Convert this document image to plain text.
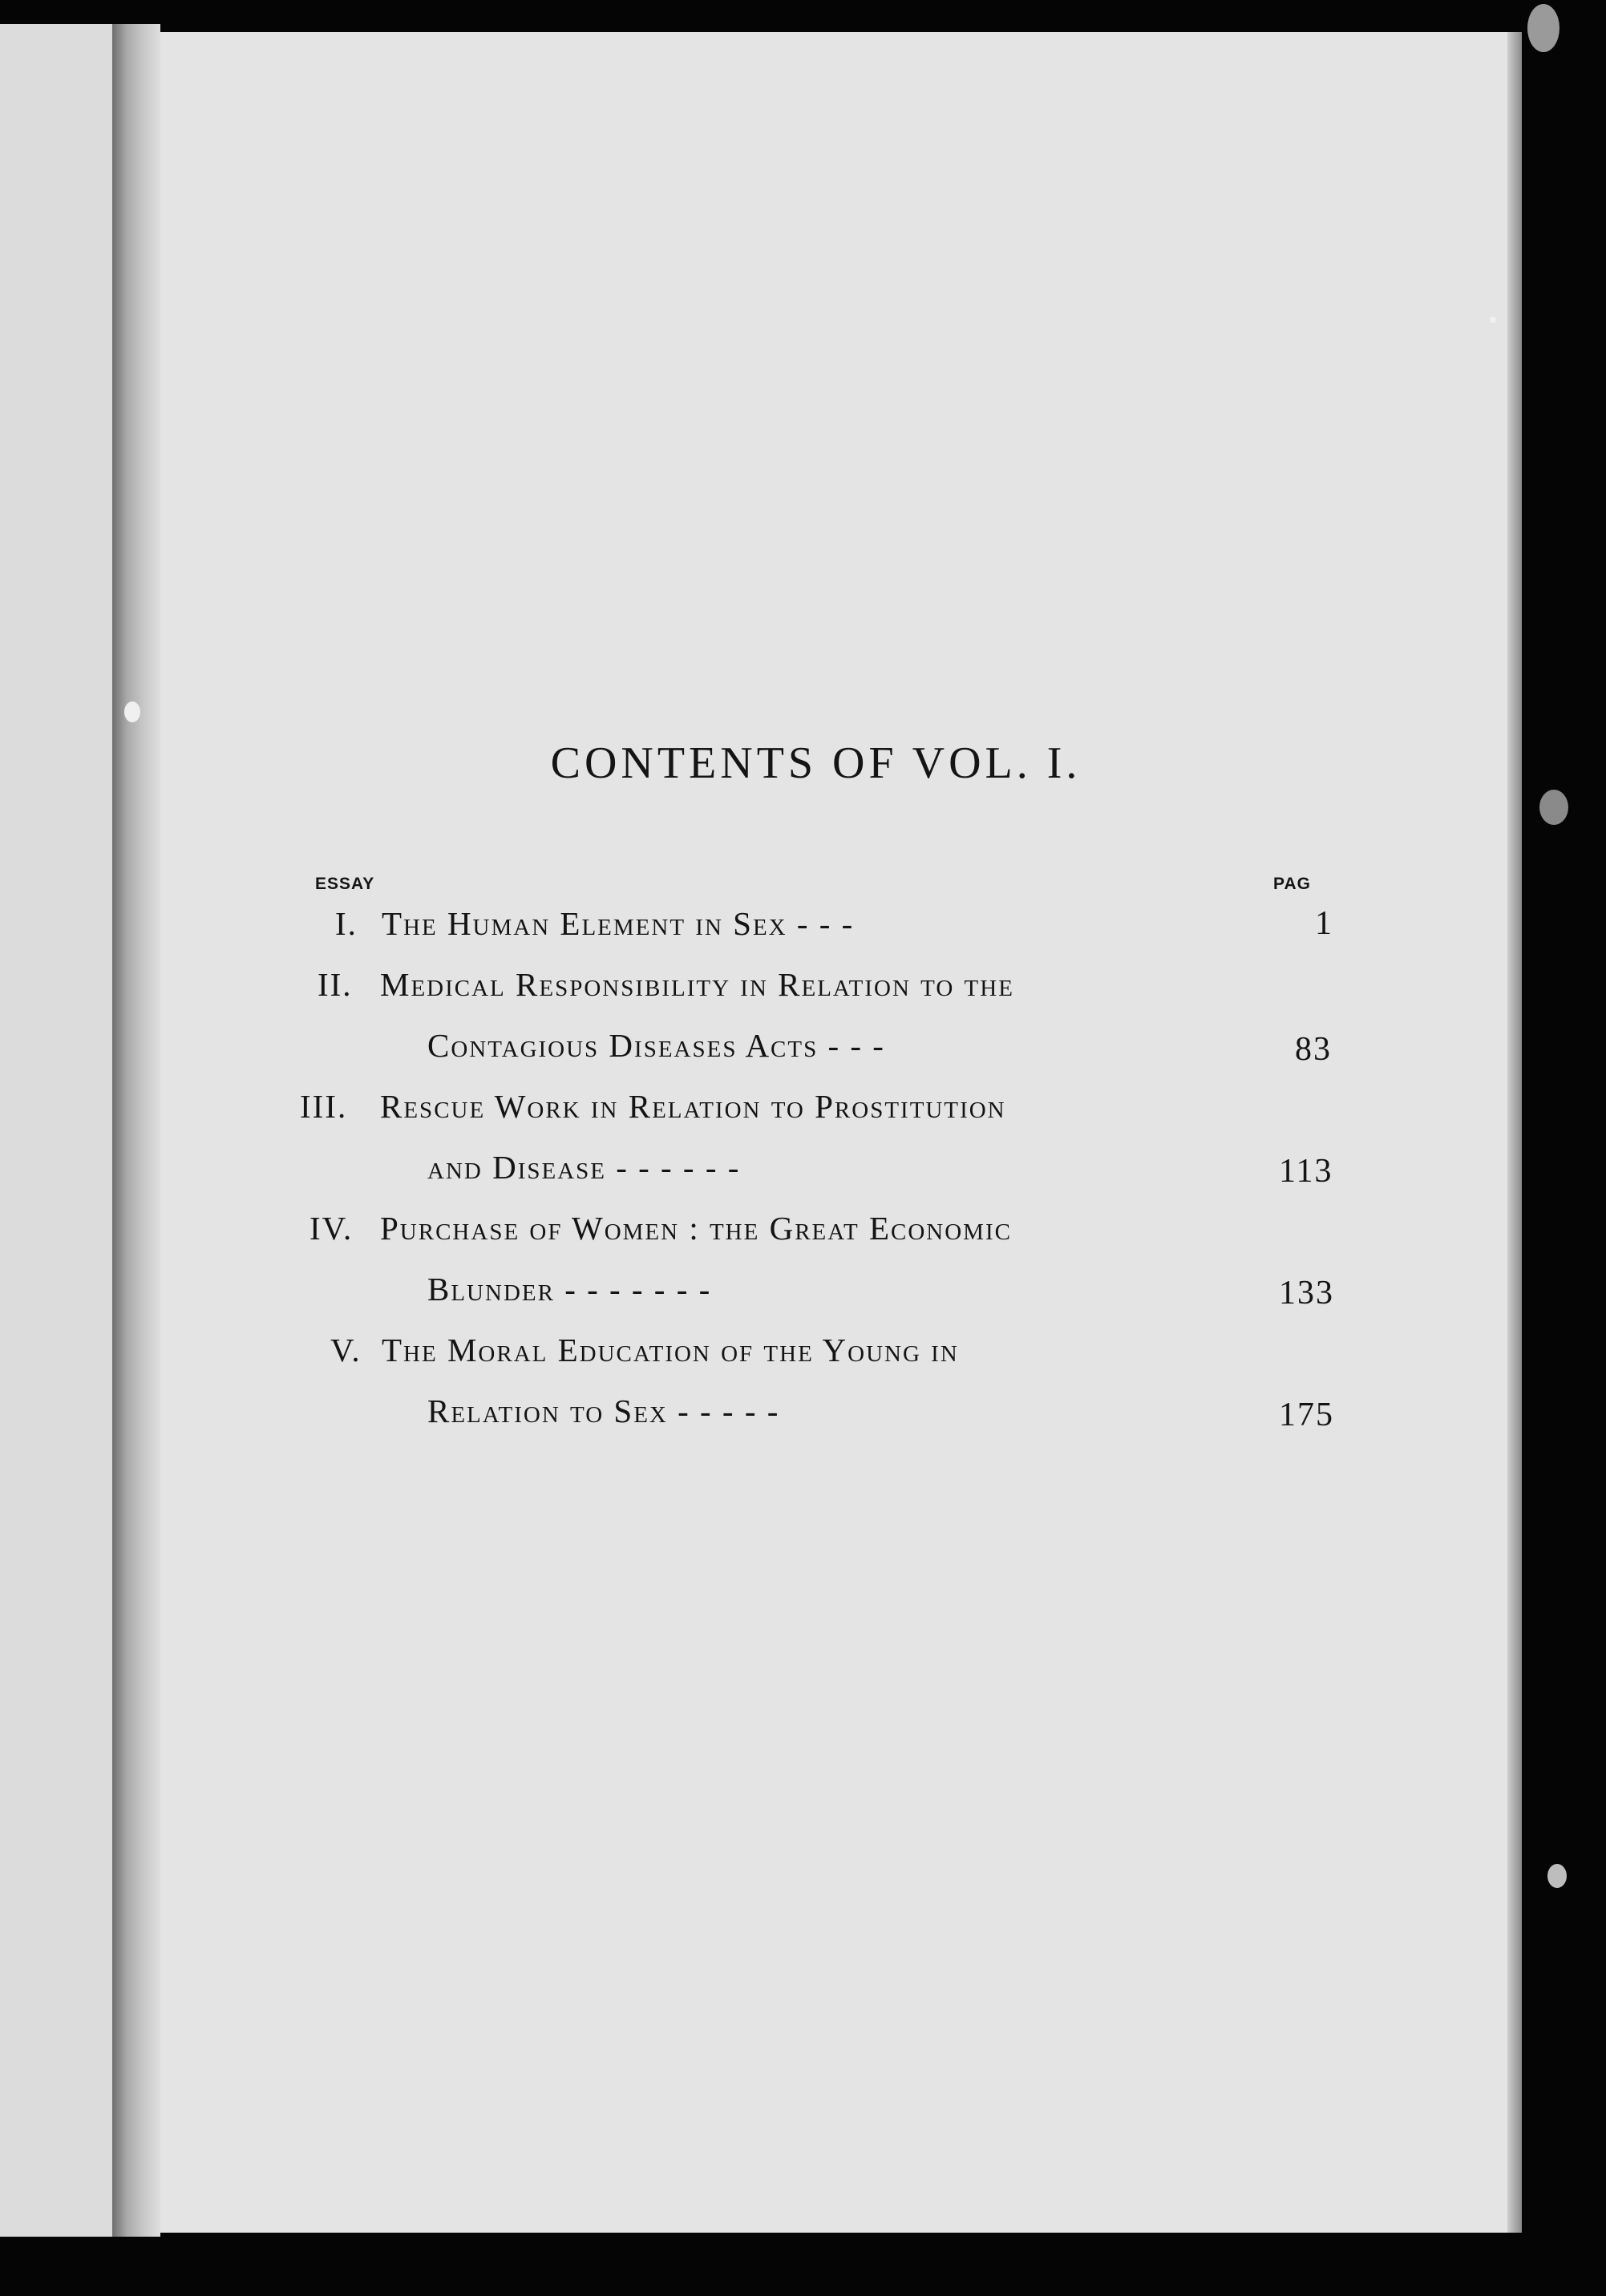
CONTENTS OF VOL. I.
ESSAY	PAG
I. The Human Element in Sex - - -	1
II. Medical Responsibility in Relation to the
Contagious Diseases Acts - - -	83
III. Rescue Work in Relation to Prostitution
and Disease - - - - - -	113
IV. Purchase of Women : the Great Economic
Blunder - - - - - - -	133
V. The Moral Education of the Young in
Relation to Sex - - - - -	175
